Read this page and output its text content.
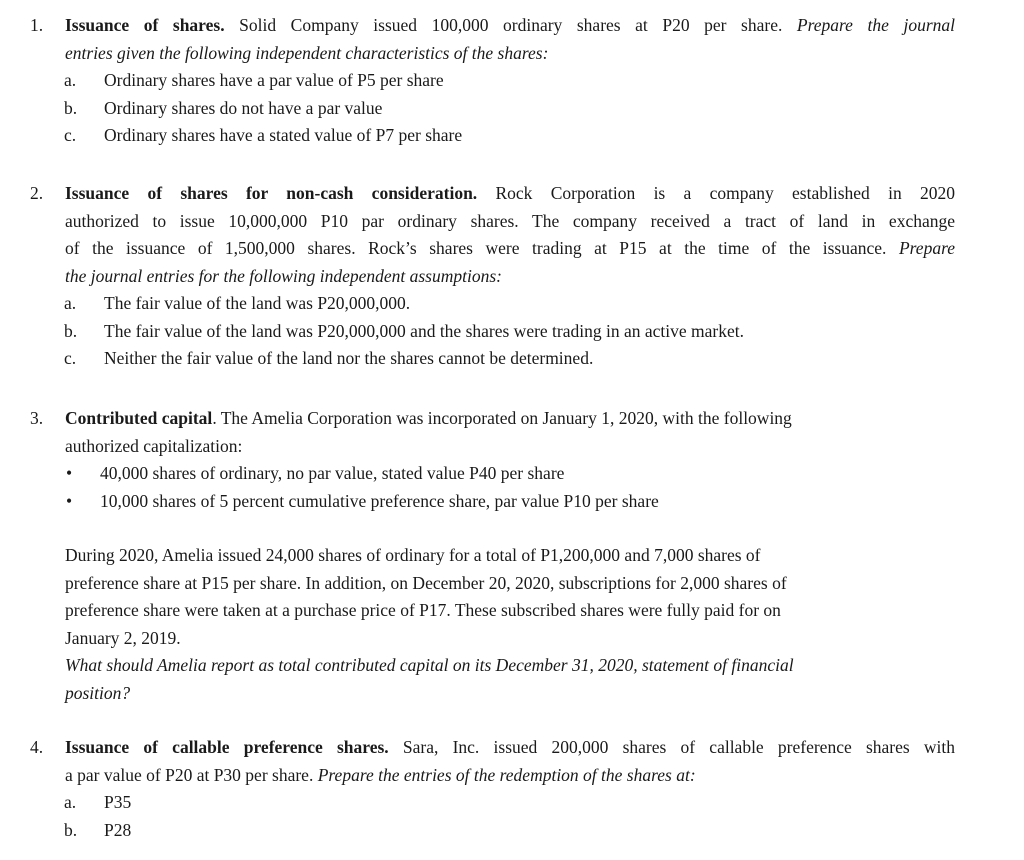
1. Issuance of shares. Solid Company issued 100,000 ordinary shares at P20 per share. Prepare the journal
entries given the following independent characteristics of the shares:
a. Ordinary shares have a par value of P5 per share
b. Ordinary shares do not have a par value
c. Ordinary shares have a stated value of P7 per share
2. Issuance of shares for non-cash consideration. Rock Corporation is a company established in 2020
authorized to issue 10,000,000 P10 par ordinary shares. The company received a tract of land in exchange
of the issuance of 1,500,000 shares. Rock’s shares were trading at P15 at the time of the issuance. Prepare
the journal entries for the following independent assumptions:
a. The fair value of the land was P20,000,000.
b. The fair value of the land was P20,000,000 and the shares were trading in an active market.
c. Neither the fair value of the land nor the shares cannot be determined.
3. Contributed capital. The Amelia Corporation was incorporated on January 1, 2020, with the following
authorized capitalization:
• 40,000 shares of ordinary, no par value, stated value P40 per share
• 10,000 shares of 5 percent cumulative preference share, par value P10 per share
During 2020, Amelia issued 24,000 shares of ordinary for a total of P1,200,000 and 7,000 shares of
preference share at P15 per share. In addition, on December 20, 2020, subscriptions for 2,000 shares of
preference share were taken at a purchase price of P17. These subscribed shares were fully paid for on
January 2, 2019.
What should Amelia report as total contributed capital on its December 31, 2020, statement of financial
position?
4. Issuance of callable preference shares. Sara, Inc. issued 200,000 shares of callable preference shares with
a par value of P20 at P30 per share. Prepare the entries of the redemption of the shares at:
a. P35
b. P28
